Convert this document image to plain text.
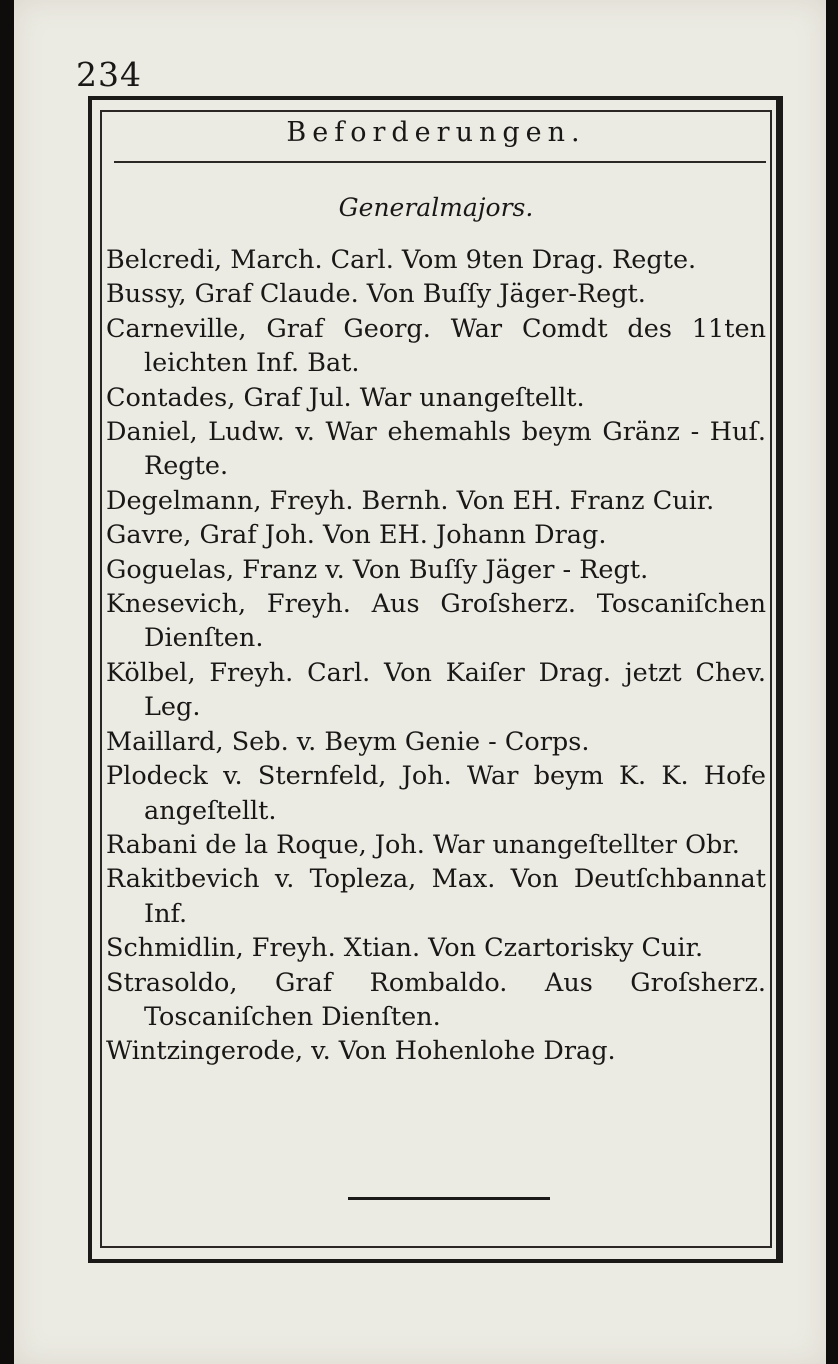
234
Beforderungen.
Generalmajors.
Belcredi, March. Carl. Vom 9ten Drag. Regte.
Bussy, Graf Claude. Von Buſſy Jäger-Regt.
Carneville, Graf Georg. War Comdt des 11ten leichten Inf. Bat.
Contades, Graf Jul. War unangeſtellt.
Daniel, Ludw. v. War ehemahls beym Gränz - Huſ. Regte.
Degelmann, Freyh. Bernh. Von EH. Franz Cuir.
Gavre, Graf Joh. Von EH. Johann Drag.
Goguelas, Franz v. Von Buſſy Jäger - Regt.
Knesevich, Freyh. Aus Groſsherz. Toscaniſchen Dienſten.
Kölbel, Freyh. Carl. Von Kaiſer Drag. jetzt Chev. Leg.
Maillard, Seb. v. Beym Genie - Corps.
Plodeck v. Sternfeld, Joh. War beym K. K. Hofe angeſtellt.
Rabani de la Roque, Joh. War unangeſtellter Obr.
Rakitbevich v. Topleza, Max. Von Deutſchbannat Inf.
Schmidlin, Freyh. Xtian. Von Czartorisky Cuir.
Strasoldo, Graf Rombaldo. Aus Groſsherz. Toscaniſchen Dienſten.
Wintzingerode, v. Von Hohenlohe Drag.
